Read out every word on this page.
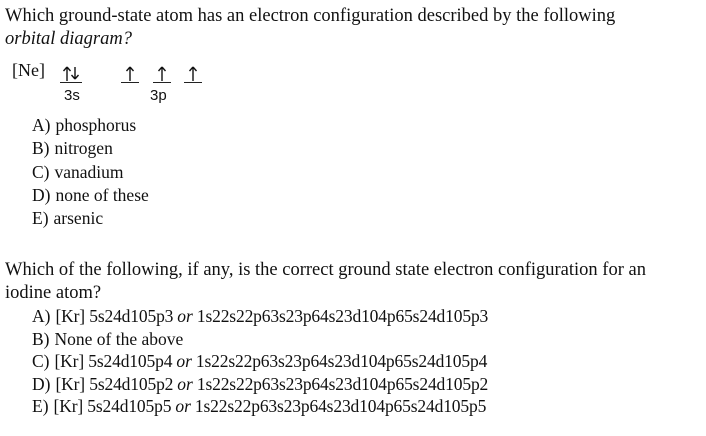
Which ground-state atom has an electron configuration described by the following
orbital diagram?
[Ne]
3s	3p
A) phosphorus
B) nitrogen
C) vanadium
D) none of these
E) arsenic
Which of the following, if any, is the correct ground state electron configuration for an
iodine atom?
A) [Kr] 5s24d105p3 or 1s22s22p63s23p64s23d104p65s24d105p3
B) None of the above
C) [Kr] 5s24d105p4 or 1s22s22p63s23p64s23d104p65s24d105p4
D) [Kr] 5s24d105p2 or 1s22s22p63s23p64s23d104p65s24d105p2
E) [Kr] 5s24d105p5 or 1s22s22p63s23p64s23d104p65s24d105p5
